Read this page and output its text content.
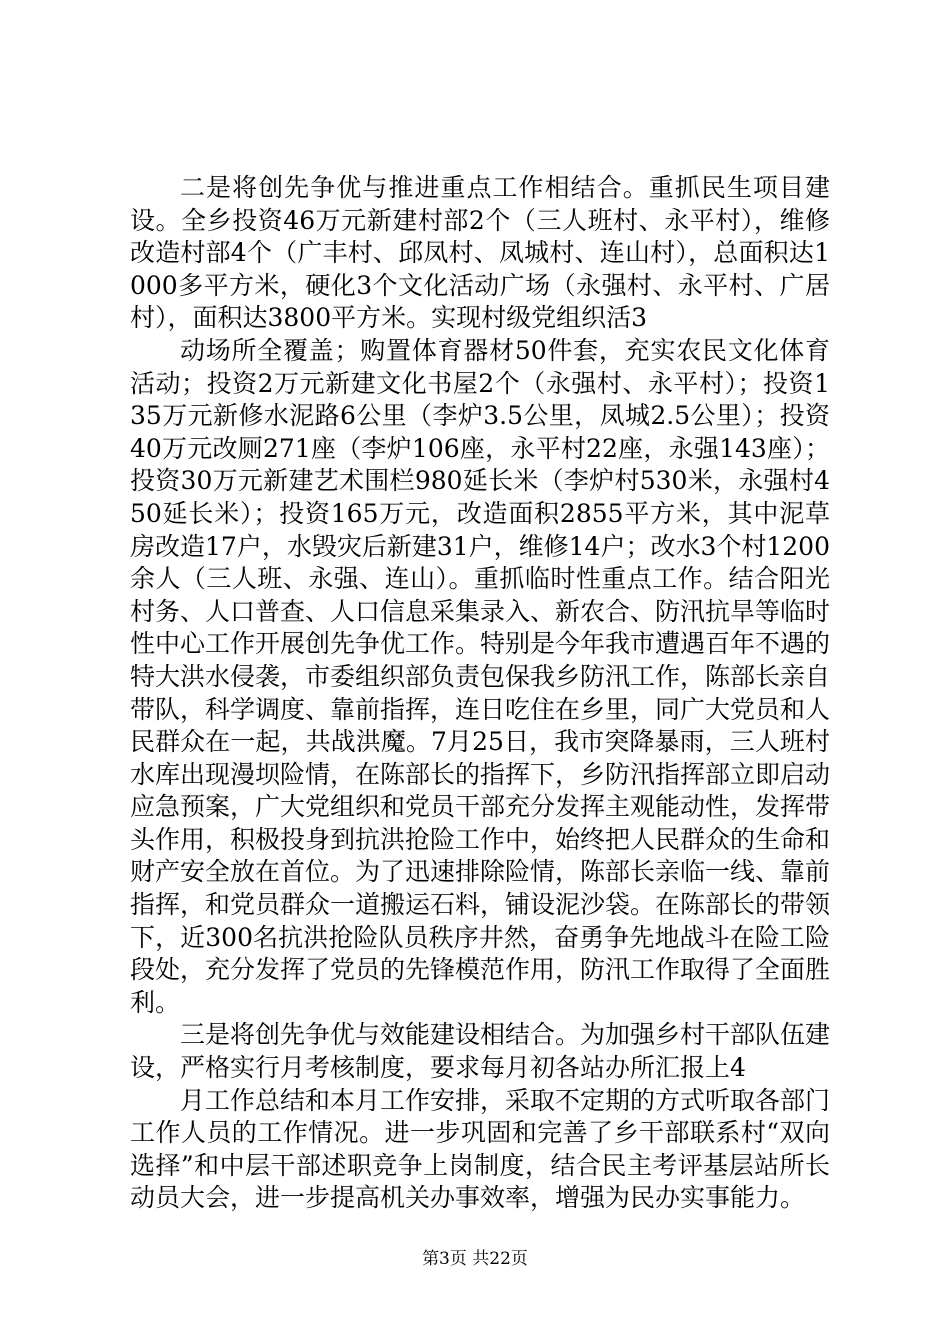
二是将创先争优与推进重点工作相结合。重抓民生项目建设。全乡投资46万元新建村部2个（三人班村、永平村），维修改造村部4个（广丰村、邱凤村、凤城村、连山村），总面积达1000多平方米，硬化3个文化活动广场（永强村、永平村、广居村），面积达3800平方米。实现村级党组织活3

动场所全覆盖；购置体育器材50件套，充实农民文化体育活动；投资2万元新建文化书屋2个（永强村、永平村）；投资135万元新修水泥路6公里（李炉3.5公里，凤城2.5公里）；投资40万元改厕271座（李炉106座，永平村22座，永强143座）；投资30万元新建艺术围栏980延长米（李炉村530米，永强村450延长米）；投资165万元，改造面积2855平方米，其中泥草房改造17户，水毁灾后新建31户，维修14户；改水3个村1200余人（三人班、永强、连山）。重抓临时性重点工作。结合阳光村务、人口普查、人口信息采集录入、新农合、防汛抗旱等临时性中心工作开展创先争优工作。特别是今年我市遭遇百年不遇的特大洪水侵袭，市委组织部负责包保我乡防汛工作，陈部长亲自带队，科学调度、靠前指挥，连日吃住在乡里，同广大党员和人民群众在一起，共战洪魔。7月25日，我市突降暴雨，三人班村水库出现漫坝险情，在陈部长的指挥下，乡防汛指挥部立即启动应急预案，广大党组织和党员干部充分发挥主观能动性，发挥带头作用，积极投身到抗洪抢险工作中，始终把人民群众的生命和财产安全放在首位。为了迅速排除险情，陈部长亲临一线、靠前指挥，和党员群众一道搬运石料，铺设泥沙袋。在陈部长的带领下，近300名抗洪抢险队员秩序井然，奋勇争先地战斗在险工险段处，充分发挥了党员的先锋模范作用，防汛工作取得了全面胜利。

三是将创先争优与效能建设相结合。为加强乡村干部队伍建设，严格实行月考核制度，要求每月初各站办所汇报上4

月工作总结和本月工作安排，采取不定期的方式听取各部门工作人员的工作情况。进一步巩固和完善了乡干部联系村“双向选择”和中层干部述职竞争上岗制度，结合民主考评基层站所长动员大会，进一步提高机关办事效率，增强为民办实事能力。

第3页 共22页
